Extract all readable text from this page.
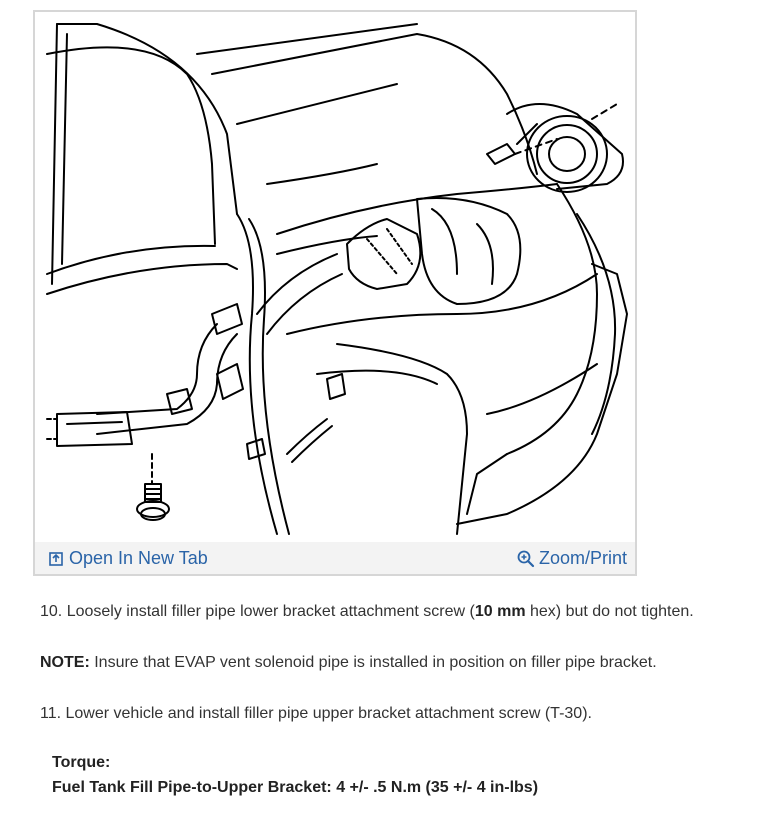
Open In New Tab	Zoom/Print
10. Loosely install filler pipe lower bracket attachment screw (10 mm hex) but do not tighten.
NOTE: Insure that EVAP vent solenoid pipe is installed in position on filler pipe bracket.
11. Lower vehicle and install filler pipe upper bracket attachment screw (T-30).
Torque:
Fuel Tank Fill Pipe-to-Upper Bracket: 4 +/- .5 N.m (35 +/- 4 in-lbs)
